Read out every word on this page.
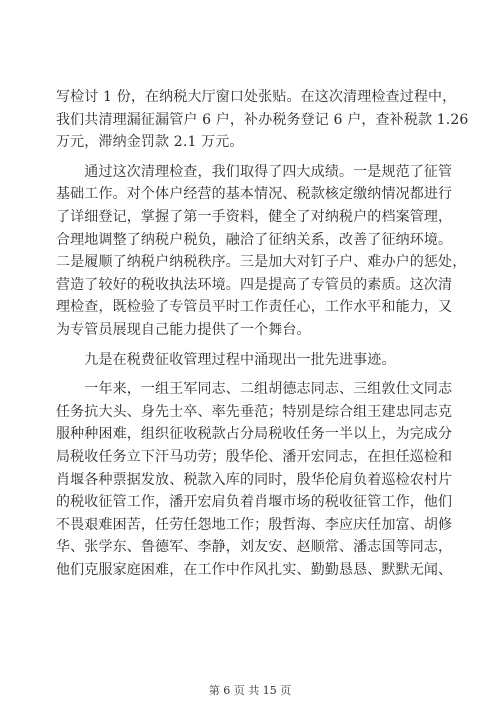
写检讨 1 份，在纳税大厅窗口处张贴。在这次清理检查过程中，
我们共清理漏征漏管户 6 户，补办税务登记 6 户，查补税款 1.26
万元，滞纳金罚款 2.1 万元。
　　通过这次清理检查，我们取得了四大成绩。一是规范了征管
基础工作。对个体户经营的基本情况、税款核定缴纳情况都进行
了详细登记，掌握了第一手资料，健全了对纳税户的档案管理，
合理地调整了纳税户税负，融洽了征纳关系，改善了征纳环境。
二是履顺了纳税户纳税秩序。三是加大对钉子户、难办户的惩处，
营造了较好的税收执法环境。四是提高了专管员的素质。这次清
理检查，既检验了专管员平时工作责任心，工作水平和能力，又
为专管员展现自己能力提供了一个舞台。
　　九是在税费征收管理过程中涌现出一批先进事迹。
　　一年来，一组王军同志、二组胡德志同志、三组敦仕文同志
任务抗大头、身先士卒、率先垂范；特别是综合组王建忠同志克
服种种困难，组织征收税款占分局税收任务一半以上，为完成分
局税收任务立下汗马功劳；殷华伦、潘开宏同志，在担任巡检和
肖堰各种票据发放、税款入库的同时，殷华伦肩负着巡检农村片
的税收征管工作，潘开宏肩负着肖堰市场的税收征管工作，他们
不畏艰难困苦，任劳任怨地工作；殷哲海、李应庆任加富、胡修
华、张学东、鲁德军、李静，刘友安、赵顺常、潘志国等同志，
他们克服家庭困难，在工作中作风扎实、勤勤恳恳、默默无闻、
第 6 页 共 15 页
